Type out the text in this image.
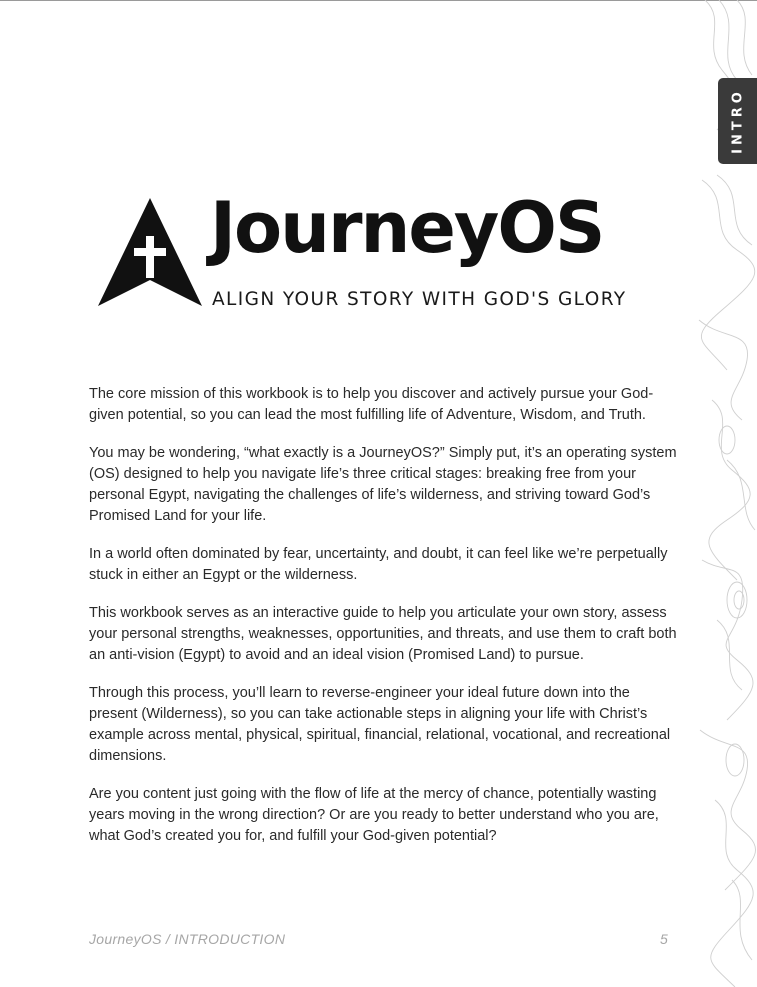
INTRO
JourneyOS
ALIGN YOUR STORY WITH GOD'S GLORY

The core mission of this workbook is to help you discover and actively pursue your God-given potential, so you can lead the most fulfilling life of Adventure, Wisdom, and Truth.

You may be wondering, “what exactly is a JourneyOS?” Simply put, it’s an operating system (OS) designed to help you navigate life’s three critical stages: breaking free from your personal Egypt, navigating the challenges of life’s wilderness, and striving toward God’s Promised Land for your life.

In a world often dominated by fear, uncertainty, and doubt, it can feel like we’re perpetually stuck in either an Egypt or the wilderness.

This workbook serves as an interactive guide to help you articulate your own story, assess your personal strengths, weaknesses, opportunities, and threats, and use them to craft both an anti-vision (Egypt) to avoid and an ideal vision (Promised Land) to pursue.

Through this process, you’ll learn to reverse-engineer your ideal future down into the present (Wilderness), so you can take actionable steps in aligning your life with Christ’s example across mental, physical, spiritual, financial, relational, vocational, and recreational dimensions.

Are you content just going with the flow of life at the mercy of chance, potentially wasting years moving in the wrong direction? Or are you ready to better understand who you are, what God’s created you for, and fulfill your God-given potential?

JourneyOS / INTRODUCTION	5
